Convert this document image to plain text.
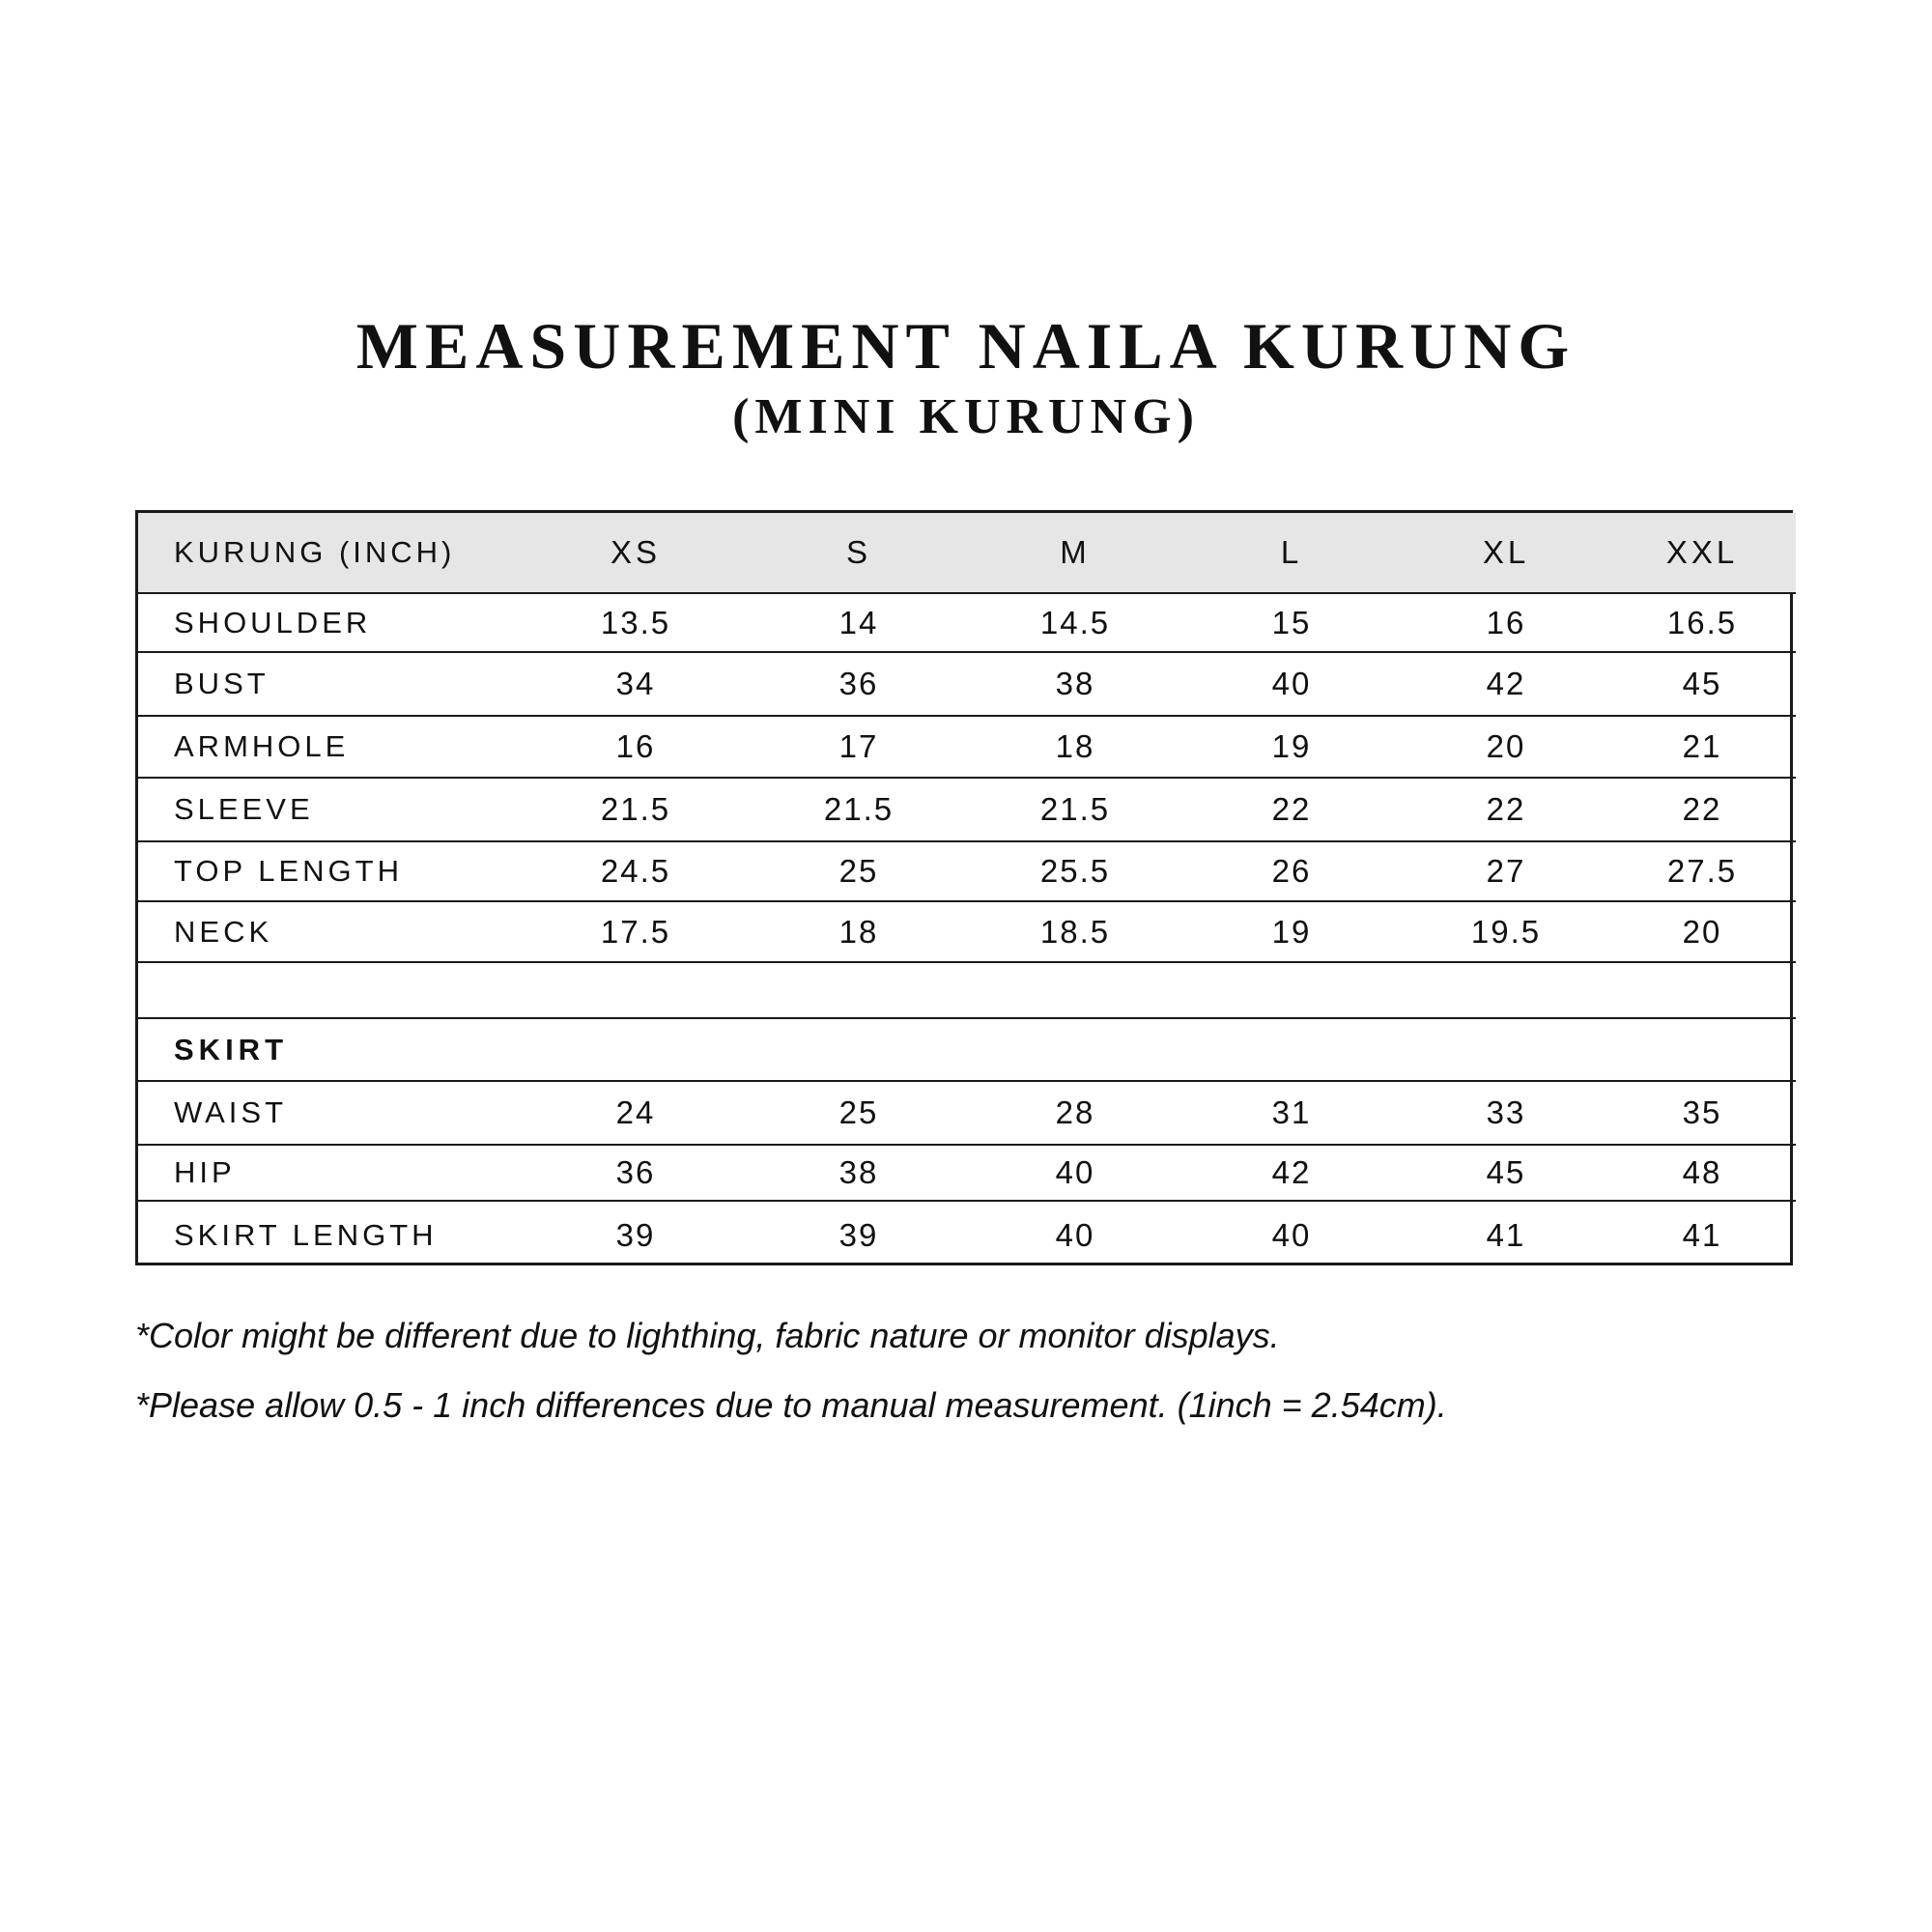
MEASUREMENT NAILA KURUNG
(MINI KURUNG)
KURUNG (INCH)	XS	S	M	L	XL	XXL
SHOULDER	13.5	14	14.5	15	16	16.5
BUST	34	36	38	40	42	45
ARMHOLE	16	17	18	19	20	21
SLEEVE	21.5	21.5	21.5	22	22	22
TOP LENGTH	24.5	25	25.5	26	27	27.5
NECK	17.5	18	18.5	19	19.5	20

SKIRT						
WAIST	24	25	28	31	33	35
HIP	36	38	40	42	45	48
SKIRT LENGTH	39	39	40	40	41	41

*Color might be different due to lighthing, fabric nature or monitor displays.

*Please allow 0.5 - 1 inch differences due to manual measurement. (1inch = 2.54cm).
